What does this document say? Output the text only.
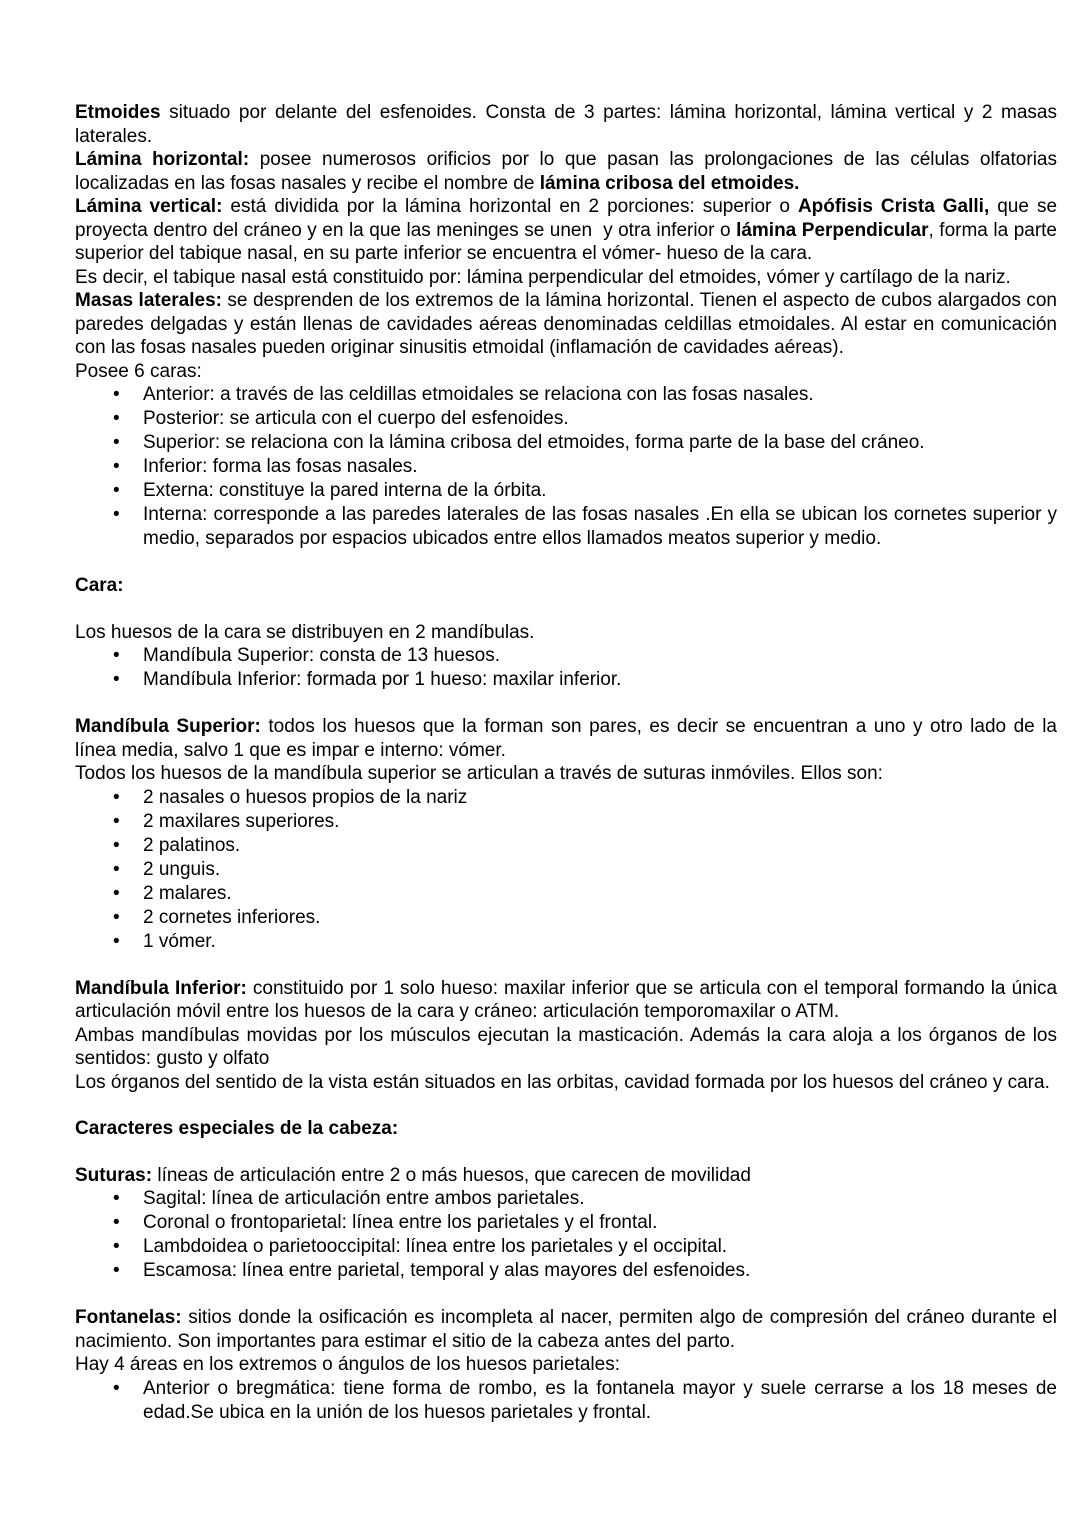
Etmoides situado por delante del esfenoides. Consta de 3 partes: lámina horizontal, lámina vertical y 2 masas laterales.

Lámina horizontal: posee numerosos orificios por lo que pasan las prolongaciones de las células olfatorias localizadas en las fosas nasales y recibe el nombre de lámina cribosa del etmoides.

Lámina vertical: está dividida por la lámina horizontal en 2 porciones: superior o Apófisis Crista Galli, que se proyecta dentro del cráneo y en la que las meninges se unen  y otra inferior o lámina Perpendicular, forma la parte superior del tabique nasal, en su parte inferior se encuentra el vómer- hueso de la cara.

Es decir, el tabique nasal está constituido por: lámina perpendicular del etmoides, vómer y cartílago de la nariz.

Masas laterales: se desprenden de los extremos de la lámina horizontal. Tienen el aspecto de cubos alargados con paredes delgadas y están llenas de cavidades aéreas denominadas celdillas etmoidales. Al estar en comunicación con las fosas nasales pueden originar sinusitis etmoidal (inflamación de cavidades aéreas).

Posee 6 caras:

• Anterior: a través de las celdillas etmoidales se relaciona con las fosas nasales.
• Posterior: se articula con el cuerpo del esfenoides.
• Superior: se relaciona con la lámina cribosa del etmoides, forma parte de la base del cráneo.
• Inferior: forma las fosas nasales.
• Externa: constituye la pared interna de la órbita.
• Interna: corresponde a las paredes laterales de las fosas nasales .En ella se ubican los cornetes superior y medio, separados por espacios ubicados entre ellos llamados meatos superior y medio.

Cara:

Los huesos de la cara se distribuyen en 2 mandíbulas.

• Mandíbula Superior: consta de 13 huesos.
• Mandíbula Inferior: formada por 1 hueso: maxilar inferior.

Mandíbula Superior: todos los huesos que la forman son pares, es decir se encuentran a uno y otro lado de la línea media, salvo 1 que es impar e interno: vómer.

Todos los huesos de la mandíbula superior se articulan a través de suturas inmóviles. Ellos son:

• 2 nasales o huesos propios de la nariz
• 2 maxilares superiores.
• 2 palatinos.
• 2 unguis.
• 2 malares.
• 2 cornetes inferiores.
• 1 vómer.

Mandíbula Inferior: constituido por 1 solo hueso: maxilar inferior que se articula con el temporal formando la única articulación móvil entre los huesos de la cara y cráneo: articulación temporomaxilar o ATM.

Ambas mandíbulas movidas por los músculos ejecutan la masticación. Además la cara aloja a los órganos de los sentidos: gusto y olfato

Los órganos del sentido de la vista están situados en las orbitas, cavidad formada por los huesos del cráneo y cara.

Caracteres especiales de la cabeza:

Suturas: líneas de articulación entre 2 o más huesos, que carecen de movilidad

• Sagital: línea de articulación entre ambos parietales.
• Coronal o frontoparietal: línea entre los parietales y el frontal.
• Lambdoidea o parietooccipital: línea entre los parietales y el occipital.
• Escamosa: línea entre parietal, temporal y alas mayores del esfenoides.

Fontanelas: sitios donde la osificación es incompleta al nacer, permiten algo de compresión del cráneo durante el nacimiento. Son importantes para estimar el sitio de la cabeza antes del parto.

Hay 4 áreas en los extremos o ángulos de los huesos parietales:

• Anterior o bregmática: tiene forma de rombo, es la fontanela mayor y suele cerrarse a los 18 meses de edad.Se ubica en la unión de los huesos parietales y frontal.
